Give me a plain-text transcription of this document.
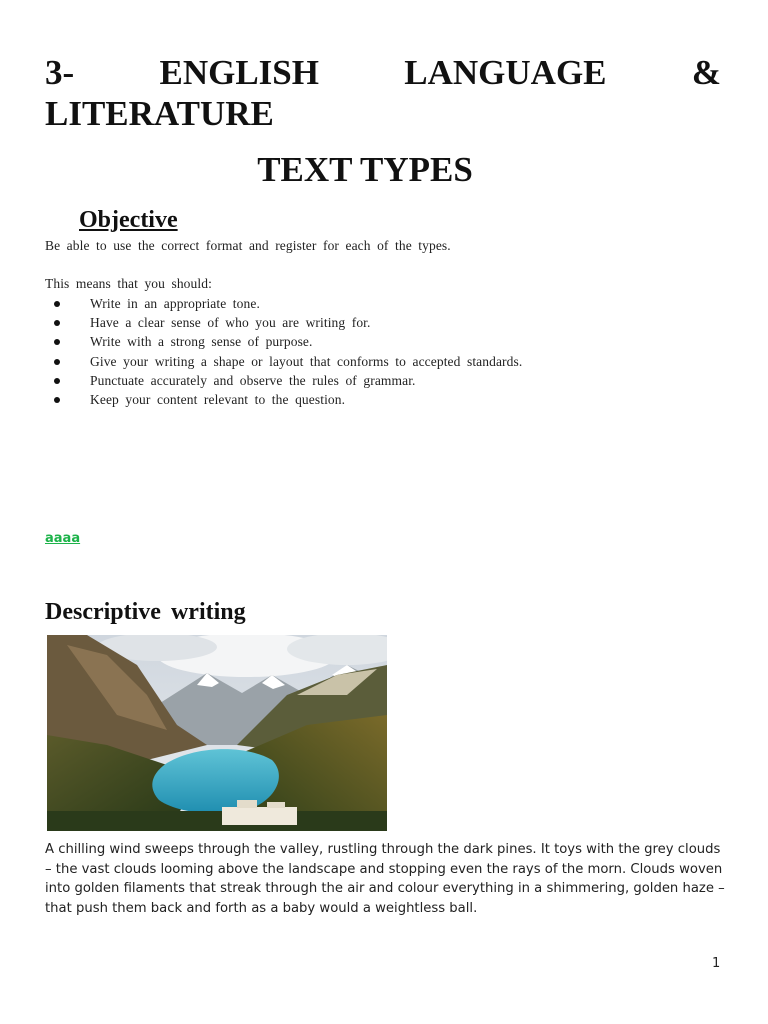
3- ENGLISH LANGUAGE &
LITERATURE
TEXT TYPES
Objective

Be able to use the correct format and register for each of the types.

This means that you should:

Write in an appropriate tone.
Have a clear sense of who you are writing for.
Write with a strong sense of purpose.
Give your writing a shape or layout that conforms to accepted standards.
Punctuate accurately and observe the rules of grammar.
Keep your content relevant to the question.
aaaa
Descriptive writing

A chilling wind sweeps through the valley, rustling through the dark pines. It toys with the grey clouds – the vast clouds looming above the landscape and stopping even the rays of the morn. Clouds woven into golden filaments that streak through the air and colour everything in a shimmering, golden haze – that push them back and forth as a baby would a weightless ball.

1
